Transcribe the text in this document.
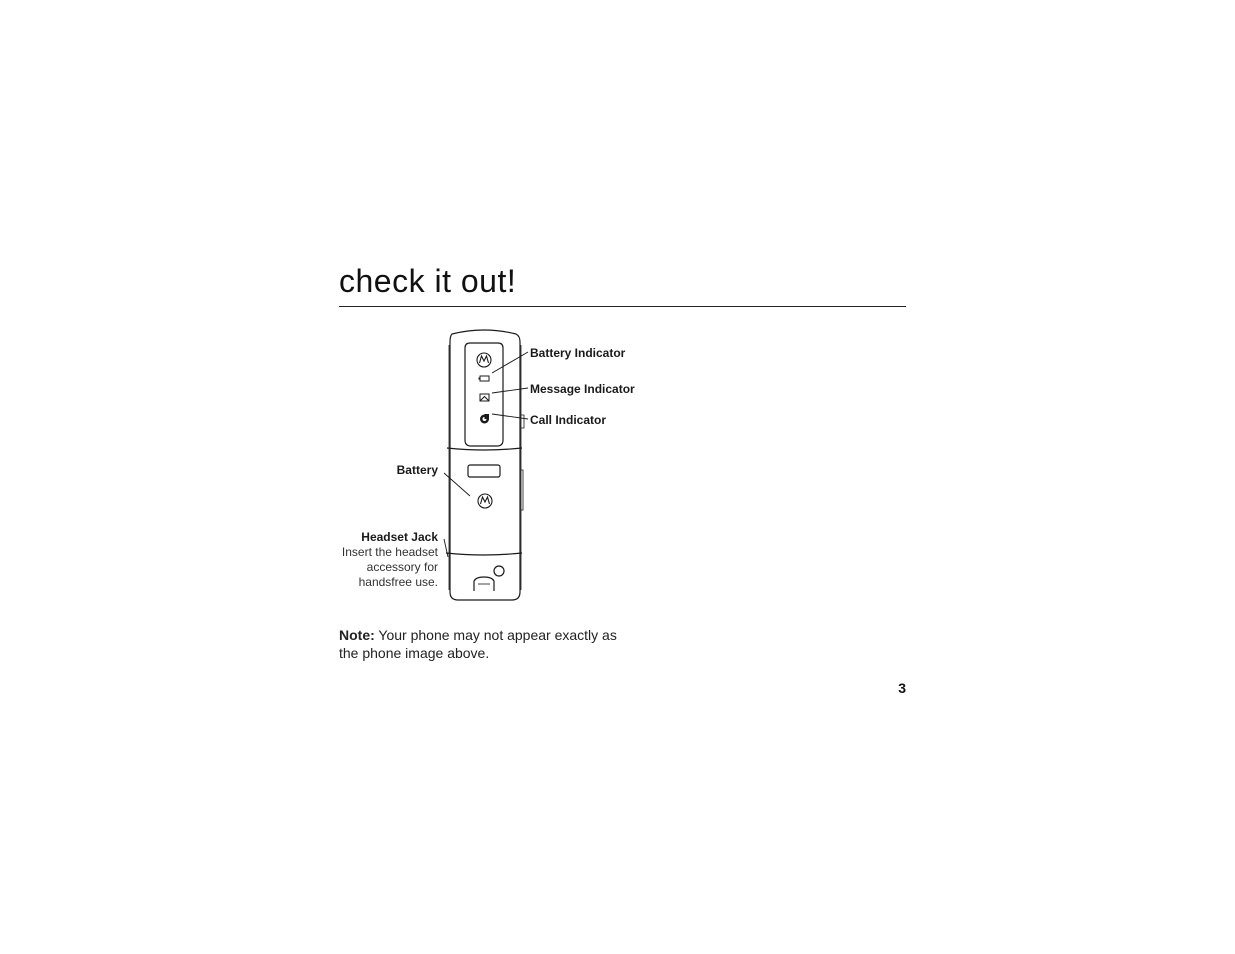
check it out!
Battery Indicator
Message Indicator
Call Indicator
Battery
Headset Jack
Insert the headset accessory for handsfree use.
Note: Your phone may not appear exactly as the phone image above.
3
